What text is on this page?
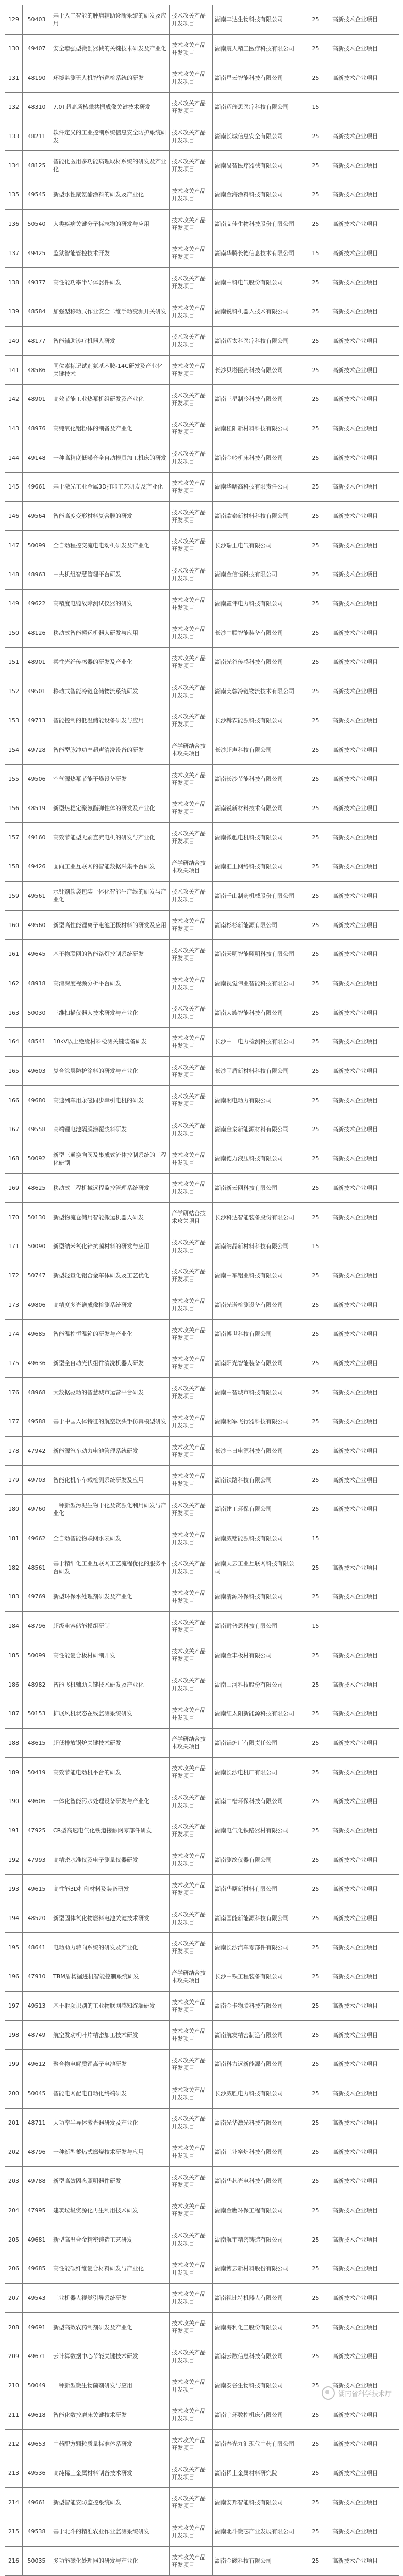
129	50403	基于人工智能的肿瘤辅助诊断系统的研发及应用	技术攻关产品开发项目	湖南丰达生物科技有限公司	25	高新技术企业项目
130	49407	安全增强型微创器械的关键技术研发及产业化	技术攻关产品开发项目	湖南震天精工医疗科技有限公司	25	高新技术企业项目
131	48190	环境监测无人机智能巡检系统的研发	技术攻关产品开发项目	湖南星云智能科技有限公司	25	高新技术企业项目
132	48310	7.0T超高场核磁共振成像关键技术研发	技术攻关产品开发项目	湖南迈瑞思医疗科技有限公司	15	
133	48211	软件定义的工业控制系统信息安全防护系统研发	技术攻关产品开发项目	湖南长城信息安全有限公司	25	高新技术企业项目
134	48125	智能化医用多功能病理取材系统的研发及产业化	技术攻关产品开发项目	湖南易智医疗器械有限公司	25	高新技术企业项目
135	49545	新型水性聚氨酯涂料的研发及产业化	技术攻关产品开发项目	湖南金海涂料科技有限公司	25	高新技术企业项目
136	50540	人类疾病关键分子标志物的研发与应用	技术攻关产品开发项目	湖南艾佳生物科技股份有限公司	25	高新技术企业项目
137	49425	监狱智能管控技术开发	技术攻关产品开发项目	湖南华腾长德信息技术有限公司	15	高新技术企业项目
138	49377	高性能功率半导体器件研发	技术攻关产品开发项目	湖南中科电气股份有限公司	25	高新技术企业项目
139	48584	加强型移动式作业安全二维手动变频开关研发	技术攻关产品开发项目	湖南锐科机器人技术有限公司	25	高新技术企业项目
140	48177	智能辅助诊疗机器人研发	技术攻关产品开发项目	湖南迈太科医疗科技有限公司	25	高新技术企业项目
141	48586	同位素标记试剂氨基苯胺-14C研发及产业化关键技术	技术攻关产品开发项目	长沙贝塔医药科技有限公司	25	高新技术企业项目
142	48901	高效节能工业热泵机组研发及产业化	技术攻关产品开发项目	湖南三星制冷科技有限公司	25	高新技术企业项目
143	48976	高纯氧化铝粉体的制备及产业化	技术攻关产品开发项目	湖南桂阳新材料科技有限公司	25	高新技术企业项目
144	49148	一种高精度低噪音全自动模具加工机床的研发	技术攻关产品开发项目	湖南金岭机床科技有限公司	25	高新技术企业项目
145	49661	基于激光工业金属3D打印工艺研发及产业化	技术攻关产品开发项目	湖南华曙高科技有限责任公司	25	高新技术企业项目
146	49564	智能高度变形材料复合膜的研发	技术攻关产品开发项目	湖南欧泰新材料科技有限公司	25	高新技术企业项目
147	50099	全自动程控交流电电动机研发及产业化	技术攻关产品开发项目	长沙瑞正电气有限公司	25	高新技术企业项目
148	48963	中央机组智慧管理平台研发	技术攻关产品开发项目	湖南金信恒科技有限公司	25	高新技术企业项目
149	49622	高精度电缆故障测试仪器的研发	技术攻关产品开发项目	湖南鑫伟电力科技有限公司	25	高新技术企业项目
150	48126	移动式智能搬运机器人研发与应用	技术攻关产品开发项目	长沙中联智能装备有限公司	25	高新技术企业项目
151	48901	柔性光纤传感器的研发及产业化	技术攻关产品开发项目	湖南光谷传感科技有限公司	25	高新技术企业项目
152	49501	移动式智能冷链仓储物流系统研发	技术攻关产品开发项目	湖南芙蓉冷链物流技术有限公司	25	高新技术企业项目
153	49713	智能控制的低温储能设备研发与应用	技术攻关产品开发项目	长沙赫霖能源科技有限公司	25	高新技术企业项目
154	49728	智能型脉冲功率超声清洗设备的研发	产学研结合技术攻关项目	长沙超声科技有限公司	25	高新技术企业项目
155	49506	空气源热泵节能干燥设备研发	技术攻关产品开发项目	湖南长沙节能科技有限公司	25	高新技术企业项目
156	48519	新型热稳定聚氨酯弹性体的研发及产业化	技术攻关产品开发项目	湖南锐新材料技术有限公司	25	高新技术企业项目
157	49160	高效节能型无刷直流电机的研发与产业化	技术攻关产品开发项目	湖南微驰电机科技有限公司	25	高新技术企业项目
158	49426	面向工业互联网的智能数据采集平台研发	产学研结合技术攻关项目	湖南汇正网络科技有限公司	25	高新技术企业项目
159	49561	水针剂软袋包装一体化智能生产线的研发与产业化	技术攻关产品开发项目	湖南千山制药机械股份有限公司	25	高新技术企业项目
160	49560	新型高性能锂离子电池正极材料的研发及应用	技术攻关产品开发项目	湖南杉杉新能源有限公司	25	高新技术企业项目
161	49645	基于物联网的智能路灯控制系统研发	技术攻关产品开发项目	湖南天明智能照明科技有限公司	25	高新技术企业项目
162	48918	高清深度视频分析平台研发	技术攻关产品开发项目	湖南视觉伟业智能科技有限公司	25	高新技术企业项目
163	50030	三维扫描仪器人技术研发与产业化	技术攻关产品开发项目	湖南大族智能科技有限公司	25	高新技术企业项目
164	48541	10kV以上绝缘材料检测关键装备研发	技术攻关产品开发项目	长沙中一电力检测科技有限公司	25	高新技术企业项目
165	49603	复合涂层防护涂料的研发与产业化	技术攻关产品开发项目	长沙固盾新材料科技有限公司	25	高新技术企业项目
166	49680	高速列车用永磁同步牵引电机的研发	技术攻关产品开发项目	湖南湘电动力有限公司	25	高新技术企业项目
167	49558	高端锂电池隔膜涂覆浆料研发	技术攻关产品开发项目	湖南金泰新能源材料有限公司	25	高新技术企业项目
168	50092	新型三通换向阀及集成式流体控制系统的工程化研制	技术攻关产品开发项目	湖南德力液压科技有限公司	25	高新技术企业项目
169	48625	移动式工程机械远程监控管理系统研发	技术攻关产品开发项目	湖南新云网科技有限公司	25	高新技术企业项目
170	50130	新型物流仓储用智能搬运机器人研发	产学研结合技术攻关项目	长沙科达智能装备股份有限公司	25	高新技术企业项目
171	50090	新型纳米氧化锌抗菌材料的研发与应用	技术攻关产品开发项目	湖南纳晶新材料科技有限公司	15	
172	50747	新型轻量化铝合金车体研发及工艺优化	技术攻关产品开发项目	湖南中车铝业科技有限公司	25	高新技术企业项目
173	49806	高精度多光谱成像检测系统研发	技术攻关产品开发项目	湖南光谱检测设备有限公司	25	高新技术企业项目
174	49685	智能温控恒温箱的研发与产业化	技术攻关产品开发项目	湖南博世科技有限公司	25	高新技术企业项目
175	49636	新型全自动光伏组件清洗机器人研发	技术攻关产品开发项目	湖南阳光智能装备有限公司	25	高新技术企业项目
176	48968	大数据驱动的智慧城市运营平台研发	技术攻关产品开发项目	湖南中智城市科技有限公司	25	高新技术企业项目
177	49588	基于中国人体特征的航空软头手仿真模型研发	技术攻关产品开发项目	湖南湘军飞行器科技有限公司	25	高新技术企业项目
178	47942	新能源汽车动力电池管理系统研发	技术攻关产品开发项目	长沙丰日电源科技有限公司	25	高新技术企业项目
179	49703	智能化机车车载检测系统研发及应用	技术攻关产品开发项目	湖南铁路科技有限公司	25	高新技术企业项目
180	49760	一种新型污泥生物干化及资源化利用研发与产业化	技术攻关产品开发项目	湖南建工环保有限公司	25	高新技术企业项目
181	49662	全自动智能物联网水表研发	技术攻关产品开发项目	湖南威铭能源科技有限公司	15	
182	48561	基于精细化工业互联网工艺流程优化的服务平台研发	技术攻关产品开发项目	湖南天云工业互联网科技有限公司	25	高新技术企业项目
183	49769	新型环保水处理剂研发及产业化	技术攻关产品开发项目	湖南清源环保科技有限公司	25	高新技术企业项目
184	48796	超级电容储能模组研制	技术攻关产品开发项目	湖南耐普恩科技有限公司	15	
185	50099	高性能复合板材研制开发	技术攻关产品开发项目	湖南金丰板材有限公司	25	高新技术企业项目
186	48982	智能飞机辅助关键技术研发及产业化	技术攻关产品开发项目	湖南山河科技股份有限公司	25	高新技术企业项目
187	50153	扩展风机状态在线监测系统研发	技术攻关产品开发项目	湖南红太阳新能源科技有限公司	25	高新技术企业项目
188	48615	超低排放锅炉关键技术研发	产学研结合技术攻关项目	湖南锅炉厂有限责任公司	25	高新技术企业项目
189	50419	高效节能电动机平台的研发	技术攻关产品开发项目	湖南长沙电机厂有限公司	25	高新技术企业项目
190	49606	一体化智能污水处理设备研发与产业化	技术攻关产品开发项目	湖南中楷环保科技有限公司	25	高新技术企业项目
191	47925	CR型高速电气化铁道接触网零部件研发	技术攻关产品开发项目	湖南电气化铁路器材有限公司	25	高新技术企业项目
192	47993	高精密水准仪及电子测量仪器研发	技术攻关产品开发项目	湖南测绘仪器有限公司	25	高新技术企业项目
193	49615	高性能3D打印材料及装备研发	技术攻关产品开发项目	湖南华曙新材料有限公司	25	高新技术企业项目
194	48520	新型固体氧化物燃料电池关键技术研发	技术攻关产品开发项目	湖南国能新能源科技有限公司	25	高新技术企业项目
195	48641	电动助力转向系统的研发及产业化	技术攻关产品开发项目	湖南长沙汽车零部件有限公司	25	高新技术企业项目
196	47910	TBM盾构掘进机智能控制系统研发	产学研结合技术攻关项目	长沙中铁工程装备有限公司	25	高新技术企业项目
197	49513	基于射频识别的工业物联网感知终端研发	技术攻关产品开发项目	湖南金卡物联科技有限公司	25	高新技术企业项目
198	48749	航空发动机叶片精密加工技术研发	技术攻关产品开发项目	湖南航发精密制造有限公司	25	高新技术企业项目
199	49612	聚合物电解质锂离子电池研发	技术攻关产品开发项目	湖南科力远新能源有限公司	25	高新技术企业项目
200	50045	智能电网配电自动化终端研发	技术攻关产品开发项目	长沙威胜电力科技有限公司	25	高新技术企业项目
201	48711	大功率半导体激光器研发及产业化	技术攻关产品开发项目	湖南光华激光科技有限公司	25	高新技术企业项目
202	48796	一种新型蓄热式燃烧技术研发与应用	技术攻关产品开发项目	湖南工业窑炉科技有限公司	25	高新技术企业项目
203	49788	新型高效固态照明器件研发	技术攻关产品开发项目	湖南华芯光电科技有限公司	25	高新技术企业项目
204	47995	建筑垃圾资源化再生利用技术研发	技术攻关产品开发项目	湖南金鹰环保工程有限公司	25	高新技术企业项目
205	49681	新型高温合金精密铸造工艺研发	技术攻关产品开发项目	湖南航宇精密铸造有限公司	25	高新技术企业项目
206	49685	高性能碳纤维复合材料研发与产业化	技术攻关产品开发项目	湖南博云新材料股份有限公司	25	高新技术企业项目
207	49543	工业机器人视觉引导系统研发	技术攻关产品开发项目	湖南视比特机器人有限公司	25	高新技术企业项目
208	49691	新型高效农药制剂研发及产业化	技术攻关产品开发项目	湖南海利化工股份有限公司	25	高新技术企业项目
209	49671	云计算数据中心节能关键技术研发	技术攻关产品开发项目	湖南云数信息科技有限公司	25	高新技术企业项目
210	50049	一种新型微生物菌剂研发与应用	技术攻关产品开发项目	湖南泰谷生物科技有限公司	25	高新技术企业项目
211	49618	智能化数控磨床关键技术研发	技术攻关产品开发项目	湖南宇环数控机床有限公司	25	高新技术企业项目
212	49653	中药配方颗粒质量标准体系研发	技术攻关产品开发项目	湖南春光九汇现代中药有限公司	25	高新技术企业项目
213	49536	高纯稀土金属材料制备技术研发	技术攻关产品开发项目	湖南稀土金属材料研究院	25	高新技术企业项目
214	49661	新型智能安防监控系统研发	技术攻关产品开发项目	湖南安邦智能科技有限公司	25	高新技术企业项目
215	49538	基于北斗的精准农业作业监测系统研发	技术攻关产品开发项目	湖南北斗微芯产业发展有限公司	25	高新技术企业项目
216	50035	多功能磁化处理器的研发与产业化	技术攻关产品开发项目	湖南金磁科技有限公司	25	高新技术企业项目
湖南省科学技术厅
